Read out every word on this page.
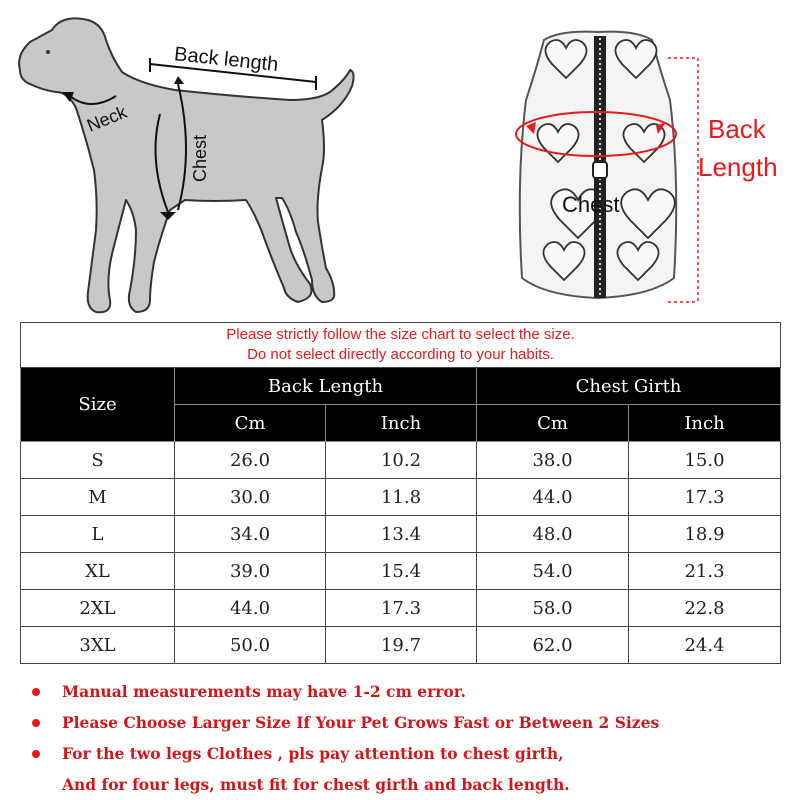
Back length
Neck
Chest
Chest
Back
Length
Please strictly follow the size chart to select the size.
Do not select directly according to your habits.				

Size	Back Length		Chest Girth	
	Cm	Inch	Cm	Inch
S	26.0	10.2	38.0	15.0
M	30.0	11.8	44.0	17.3
L	34.0	13.4	48.0	18.9
XL	39.0	15.4	54.0	21.3
2XL	44.0	17.3	58.0	22.8
3XL	50.0	19.7	62.0	24.4
Manual measurements may have 1-2 cm error.
Please Choose Larger Size If Your Pet Grows Fast or Between 2 Sizes
For the two legs Clothes , pls pay attention to chest girth,
And for four legs, must fit for chest girth and back length.
